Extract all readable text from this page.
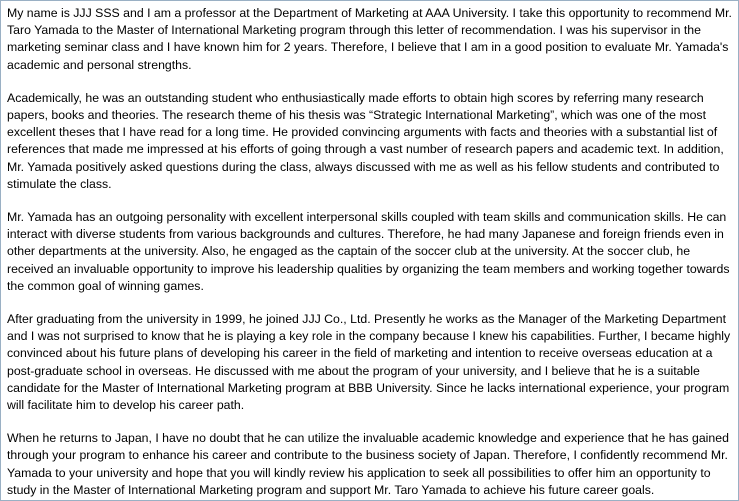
My name is JJJ SSS and I am a professor at the Department of Marketing at AAA University. I take this opportunity to recommend Mr. Taro Yamada to the Master of International Marketing program through this letter of recommendation. I was his supervisor in the marketing seminar class and I have known him for 2 years. Therefore, I believe that I am in a good position to evaluate Mr. Yamada's academic and personal strengths.

Academically, he was an outstanding student who enthusiastically made efforts to obtain high scores by referring many research papers, books and theories. The research theme of his thesis was “Strategic International Marketing”, which was one of the most excellent theses that I have read for a long time. He provided convincing arguments with facts and theories with a substantial list of references that made me impressed at his efforts of going through a vast number of research papers and academic text. In addition, Mr. Yamada positively asked questions during the class, always discussed with me as well as his fellow students and contributed to stimulate the class.

Mr. Yamada has an outgoing personality with excellent interpersonal skills coupled with team skills and communication skills. He can interact with diverse students from various backgrounds and cultures. Therefore, he had many Japanese and foreign friends even in other departments at the university. Also, he engaged as the captain of the soccer club at the university. At the soccer club, he received an invaluable opportunity to improve his leadership qualities by organizing the team members and working together towards the common goal of winning games.

After graduating from the university in 1999, he joined JJJ Co., Ltd. Presently he works as the Manager of the Marketing Department and I was not surprised to know that he is playing a key role in the company because I knew his capabilities. Further, I became highly convinced about his future plans of developing his career in the field of marketing and intention to receive overseas education at a post-graduate school in overseas. He discussed with me about the program of your university, and I believe that he is a suitable candidate for the Master of International Marketing program at BBB University. Since he lacks international experience, your program will facilitate him to develop his career path.

When he returns to Japan, I have no doubt that he can utilize the invaluable academic knowledge and experience that he has gained through your program to enhance his career and contribute to the business society of Japan. Therefore, I confidently recommend Mr. Yamada to your university and hope that you will kindly review his application to seek all possibilities to offer him an opportunity to study in the Master of International Marketing program and support Mr. Taro Yamada to achieve his future career goals.
